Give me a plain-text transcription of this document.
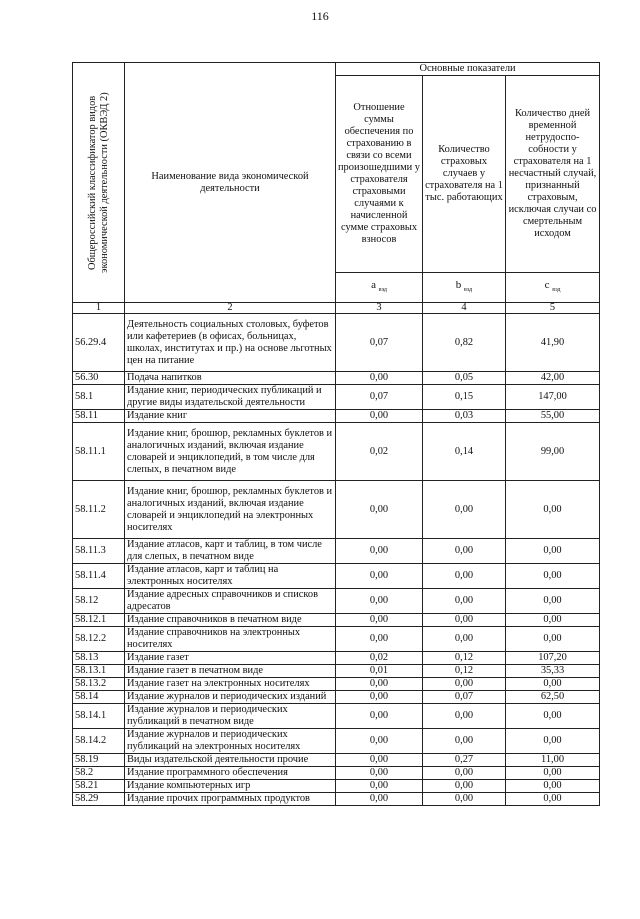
116
Общероссийский классификатор видов экономической деятельности (ОКВЭД 2)	Наименование вида экономической деятельности	Основные показатели		
		Отношение суммы обеспечения по страхованию в связи со всеми произошедшими у страхователя страховыми случаями к начисленной сумме страховых взносов	Количество страховых случаев у страхователя на 1 тыс. работающих	Количество дней временной нетрудоспо-собности у страхователя на 1 несчастный случай, признанный страховым, исключая случаи со смертельным исходом
		а $_{вэд}$	b $_{вэд}$	c $_{вэд}$
1	2	3	4	5
56.29.4	Деятельность социальных столовых, буфетов или кафетериев (в офисах, больницах, школах, институтах и пр.) на основе льготных цен на питание	0,07	0,82	41,90
56.30	Подача напитков	0,00	0,05	42,00
58.1	Издание книг, периодических публикаций и другие виды издательской деятельности	0,07	0,15	147,00
58.11	Издание книг	0,00	0,03	55,00
58.11.1	Издание книг, брошюр, рекламных буклетов и аналогичных изданий, включая издание словарей и энциклопедий, в том числе для слепых, в печатном виде	0,02	0,14	99,00
58.11.2	Издание книг, брошюр, рекламных буклетов и аналогичных изданий, включая издание словарей и энциклопедий на электронных носителях	0,00	0,00	0,00
58.11.3	Издание атласов, карт и таблиц, в том числе для слепых, в печатном виде	0,00	0,00	0,00
58.11.4	Издание атласов, карт и таблиц на электронных носителях	0,00	0,00	0,00
58.12	Издание адресных справочников и списков адресатов	0,00	0,00	0,00
58.12.1	Издание справочников в печатном виде	0,00	0,00	0,00
58.12.2	Издание справочников на электронных носителях	0,00	0,00	0,00
58.13	Издание газет	0,02	0,12	107,20
58.13.1	Издание газет в печатном виде	0,01	0,12	35,33
58.13.2	Издание газет на электронных носителях	0,00	0,00	0,00
58.14	Издание журналов и периодических изданий	0,00	0,07	62,50
58.14.1	Издание журналов и периодических публикаций в печатном виде	0,00	0,00	0,00
58.14.2	Издание журналов и периодических публикаций на электронных носителях	0,00	0,00	0,00
58.19	Виды издательской деятельности прочие	0,00	0,27	11,00
58.2	Издание программного обеспечения	0,00	0,00	0,00
58.21	Издание компьютерных игр	0,00	0,00	0,00
58.29	Издание прочих программных продуктов	0,00	0,00	0,00
